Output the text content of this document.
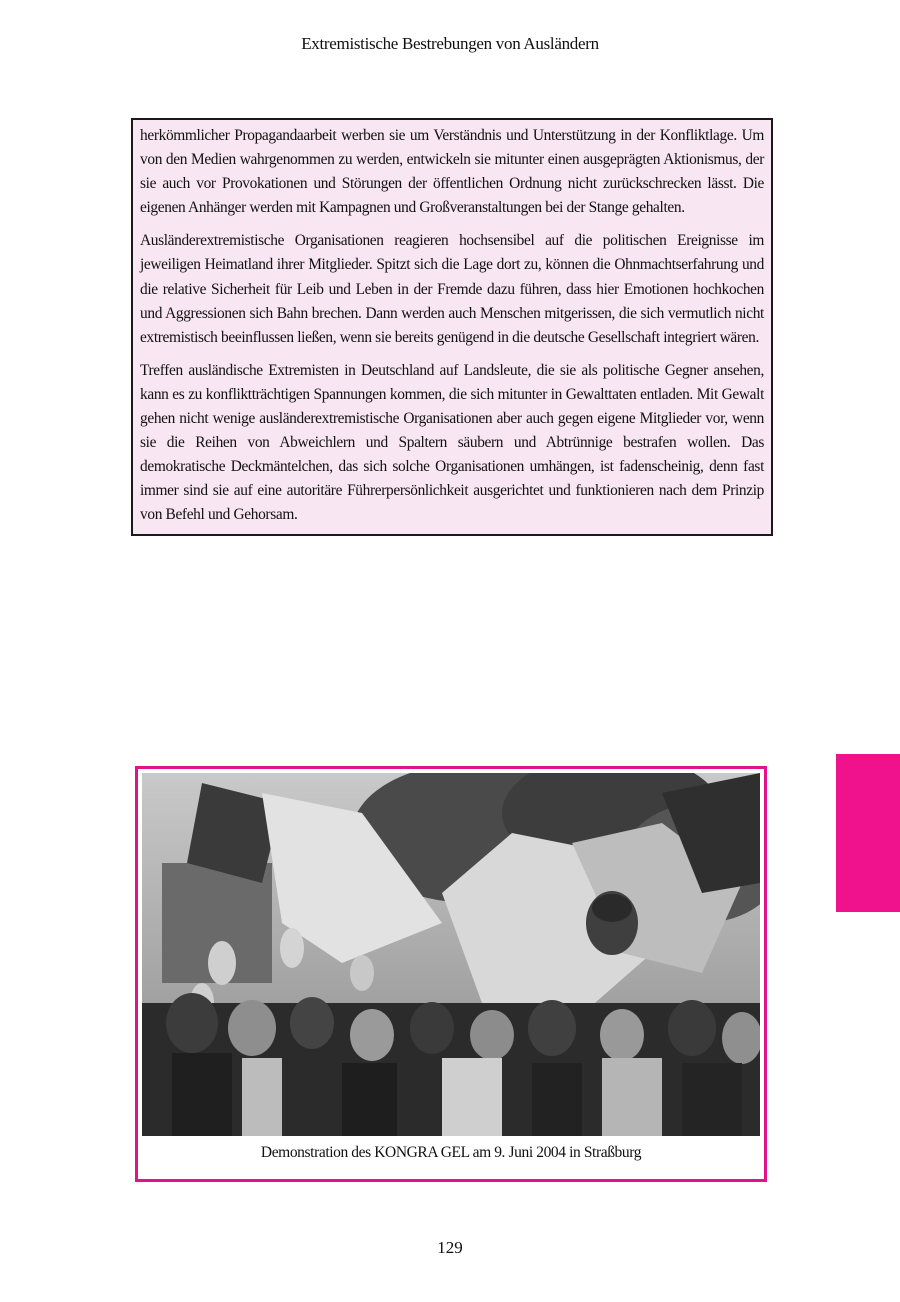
Extremistische Bestrebungen von Ausländern

herkömmlicher Propagandaarbeit werben sie um Verständnis und Unterstützung in der Konfliktlage. Um von den Medien wahrgenommen zu werden, entwickeln sie mitunter einen ausgeprägten Aktionismus, der sie auch vor Provokationen und Störungen der öffentlichen Ordnung nicht zurückschrecken lässt. Die eigenen Anhänger werden mit Kampagnen und Großveranstaltungen bei der Stange gehalten.

Ausländerextremistische Organisationen reagieren hochsensibel auf die politischen Ereignisse im jeweiligen Heimatland ihrer Mitglieder. Spitzt sich die Lage dort zu, können die Ohnmachtserfahrung und die relative Sicherheit für Leib und Leben in der Fremde dazu führen, dass hier Emotionen hochkochen und Aggressionen sich Bahn brechen. Dann werden auch Menschen mitgerissen, die sich vermutlich nicht extremistisch beeinflussen ließen, wenn sie bereits genügend in die deutsche Gesellschaft integriert wären.

Treffen ausländische Extremisten in Deutschland auf Landsleute, die sie als politische Gegner ansehen, kann es zu konfliktträchtigen Spannungen kommen, die sich mitunter in Gewalttaten entladen. Mit Gewalt gehen nicht wenige ausländerextremistische Organisationen aber auch gegen eigene Mitglieder vor, wenn sie die Reihen von Abweichlern und Spaltern säubern und Abtrünnige bestrafen wollen. Das demokratische Deckmäntelchen, das sich solche Organisationen umhängen, ist fadenscheinig, denn fast immer sind sie auf eine autoritäre Führerpersönlichkeit ausgerichtet und funktionieren nach dem Prinzip von Befehl und Gehorsam.

Demonstration des KONGRA GEL am 9. Juni 2004 in Straßburg
129
